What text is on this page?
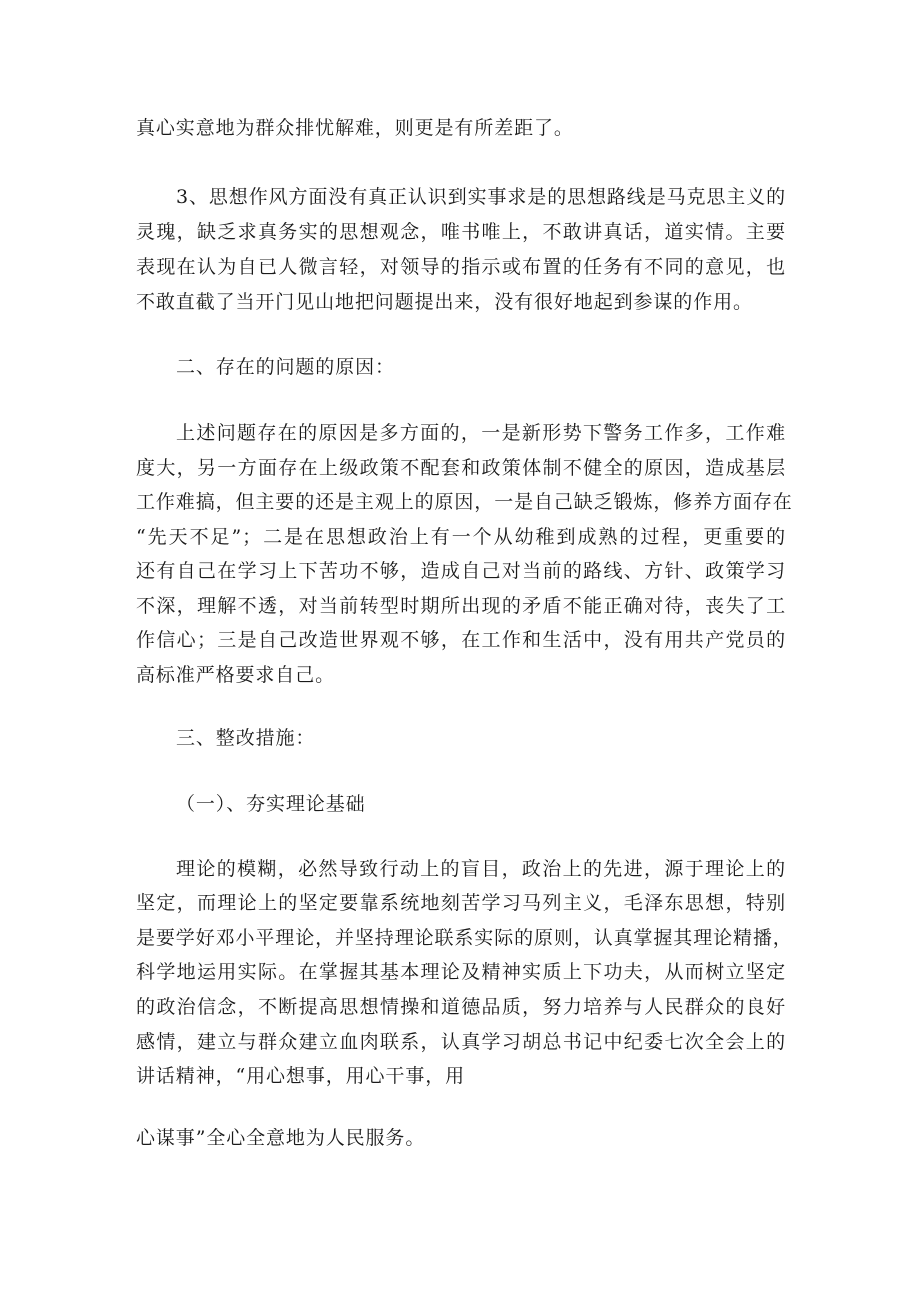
真心实意地为群众排忧解难，则更是有所差距了。
3、思想作风方面没有真正认识到实事求是的思想路线是马克思主义的
灵瑰，缺乏求真务实的思想观念，唯书唯上，不敢讲真话，道实情。主要
表现在认为自已人微言轻，对领导的指示或布置的任务有不同的意见，也
不敢直截了当开门见山地把问题提出来，没有很好地起到参谋的作用。
二、存在的问题的原因：
上述问题存在的原因是多方面的，一是新形势下警务工作多，工作难
度大，另一方面存在上级政策不配套和政策体制不健全的原因，造成基层
工作难搞，但主要的还是主观上的原因，一是自己缺乏锻炼，修养方面存在
“先天不足”；二是在思想政治上有一个从幼稚到成熟的过程，更重要的
还有自己在学习上下苦功不够，造成自己对当前的路线、方针、政策学习
不深，理解不透，对当前转型时期所出现的矛盾不能正确对待，丧失了工
作信心；三是自己改造世界观不够，在工作和生活中，没有用共产党员的
高标准严格要求自己。
三、整改措施：
（一）、夯实理论基础
理论的模糊，必然导致行动上的盲目，政治上的先进，源于理论上的
坚定，而理论上的坚定要靠系统地刻苦学习马列主义，毛泽东思想，特别
是要学好邓小平理论，并坚持理论联系实际的原则，认真掌握其理论精播，
科学地运用实际。在掌握其基本理论及精神实质上下功夫，从而树立坚定
的政治信念，不断提高思想情操和道德品质，努力培养与人民群众的良好
感情，建立与群众建立血肉联系，认真学习胡总书记中纪委七次全会上的
讲话精神，“用心想事，用心干事，用
心谋事”全心全意地为人民服务。
